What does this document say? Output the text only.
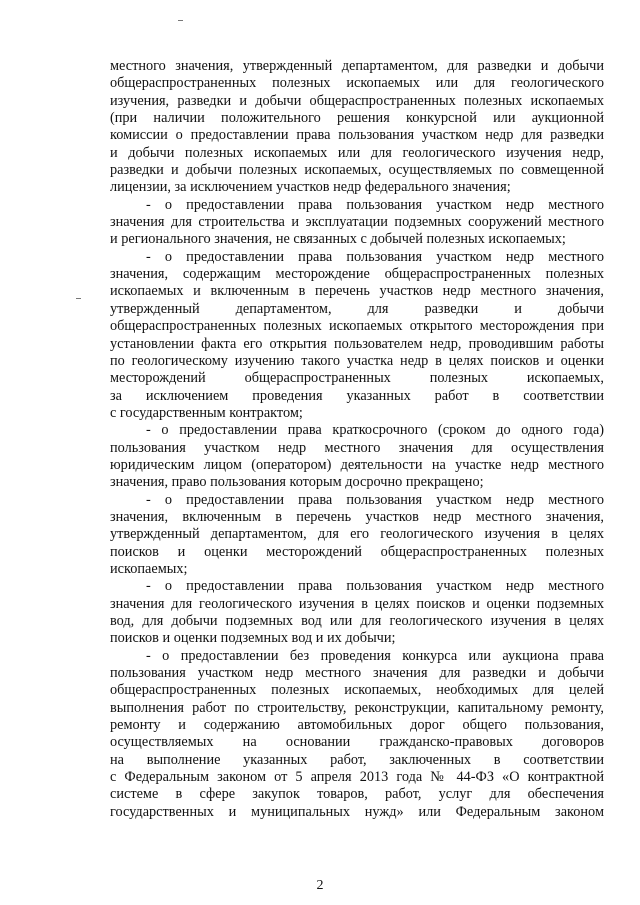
местного значения, утвержденный департаментом, для разведки и добычи
общераспространенных полезных ископаемых или для геологического
изучения, разведки и добычи общераспространенных полезных ископаемых
(при наличии положительного решения конкурсной или аукционной
комиссии о предоставлении права пользования участком недр для разведки
и добычи полезных ископаемых или для геологического изучения недр,
разведки и добычи полезных ископаемых, осуществляемых по совмещенной
лицензии, за исключением участков недр федерального значения;
- о предоставлении права пользования участком недр местного
значения для строительства и эксплуатации подземных сооружений местного
и регионального значения, не связанных с добычей полезных ископаемых;
- о предоставлении права пользования участком недр местного
значения, содержащим месторождение общераспространенных полезных
ископаемых и включенным в перечень участков недр местного значения,
утвержденный департаментом, для разведки и добычи
общераспространенных полезных ископаемых открытого месторождения при
установлении факта его открытия пользователем недр, проводившим работы
по геологическому изучению такого участка недр в целях поисков и оценки
месторождений общераспространенных полезных ископаемых,
за исключением проведения указанных работ в соответствии
с государственным контрактом;
- о предоставлении права краткосрочного (сроком до одного года)
пользования участком недр местного значения для осуществления
юридическим лицом (оператором) деятельности на участке недр местного
значения, право пользования которым досрочно прекращено;
- о предоставлении права пользования участком недр местного
значения, включенным в перечень участков недр местного значения,
утвержденный департаментом, для его геологического изучения в целях
поисков и оценки месторождений общераспространенных полезных
ископаемых;
- о предоставлении права пользования участком недр местного
значения для геологического изучения в целях поисков и оценки подземных
вод, для добычи подземных вод или для геологического изучения в целях
поисков и оценки подземных вод и их добычи;
- о предоставлении без проведения конкурса или аукциона права
пользования участком недр местного значения для разведки и добычи
общераспространенных полезных ископаемых, необходимых для целей
выполнения работ по строительству, реконструкции, капитальному ремонту,
ремонту и содержанию автомобильных дорог общего пользования,
осуществляемых на основании гражданско-правовых договоров
на выполнение указанных работ, заключенных в соответствии
с Федеральным законом от 5 апреля 2013 года № 44-ФЗ «О контрактной
системе в сфере закупок товаров, работ, услуг для обеспечения
государственных и муниципальных нужд» или Федеральным законом
2
